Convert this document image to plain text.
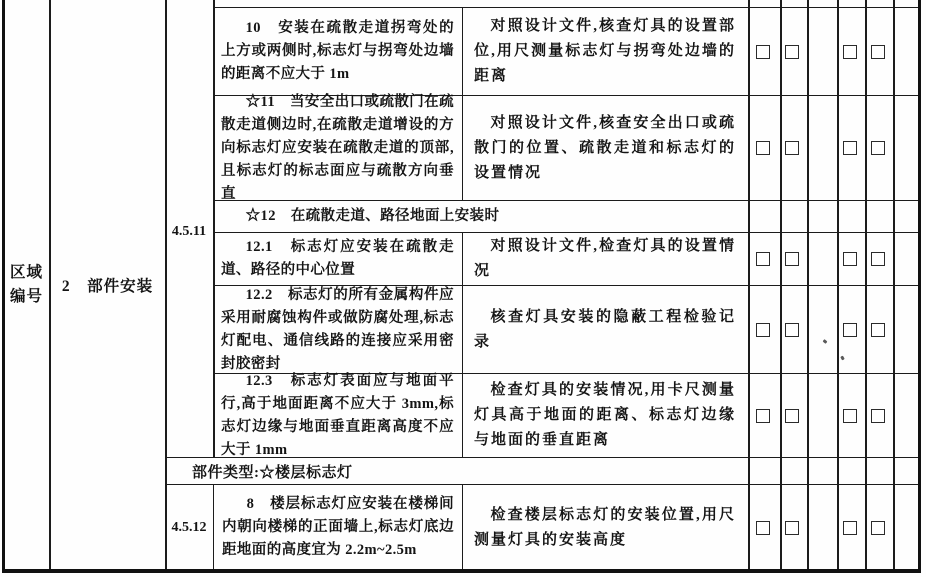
区域
编号
2　部件安装
4.5.11

10　安装在疏散走道拐弯处的上方或两侧时,标志灯与拐弯处边墙的距离不应大于 1m

对照设计文件,核查灯具的设置部位,用尺测量标志灯与拐弯处边墙的距离

☆11　当安全出口或疏散门在疏散走道侧边时,在疏散走道增设的方向标志灯应安装在疏散走道的顶部,且标志灯的标志面应与疏散方向垂直

对照设计文件,核查安全出口或疏散门的位置、疏散走道和标志灯的设置情况

☆12　在疏散走道、路径地面上安装时

12.1　标志灯应安装在疏散走道、路径的中心位置

对照设计文件,检查灯具的设置情况

12.2　标志灯的所有金属构件应采用耐腐蚀构件或做防腐处理,标志灯配电、通信线路的连接应采用密封胶密封

核查灯具安装的隐蔽工程检验记录

12.3　标志灯表面应与地面平行,高于地面距离不应大于 3mm,标志灯边缘与地面垂直距离高度不应大于 1mm

检查灯具的安装情况,用卡尺测量灯具高于地面的距离、标志灯边缘与地面的垂直距离

部件类型:☆楼层标志灯
4.5.12

8　楼层标志灯应安装在楼梯间内朝向楼梯的正面墙上,标志灯底边距地面的高度宜为 2.2m~2.5m

检查楼层标志灯的安装位置,用尺测量灯具的安装高度
